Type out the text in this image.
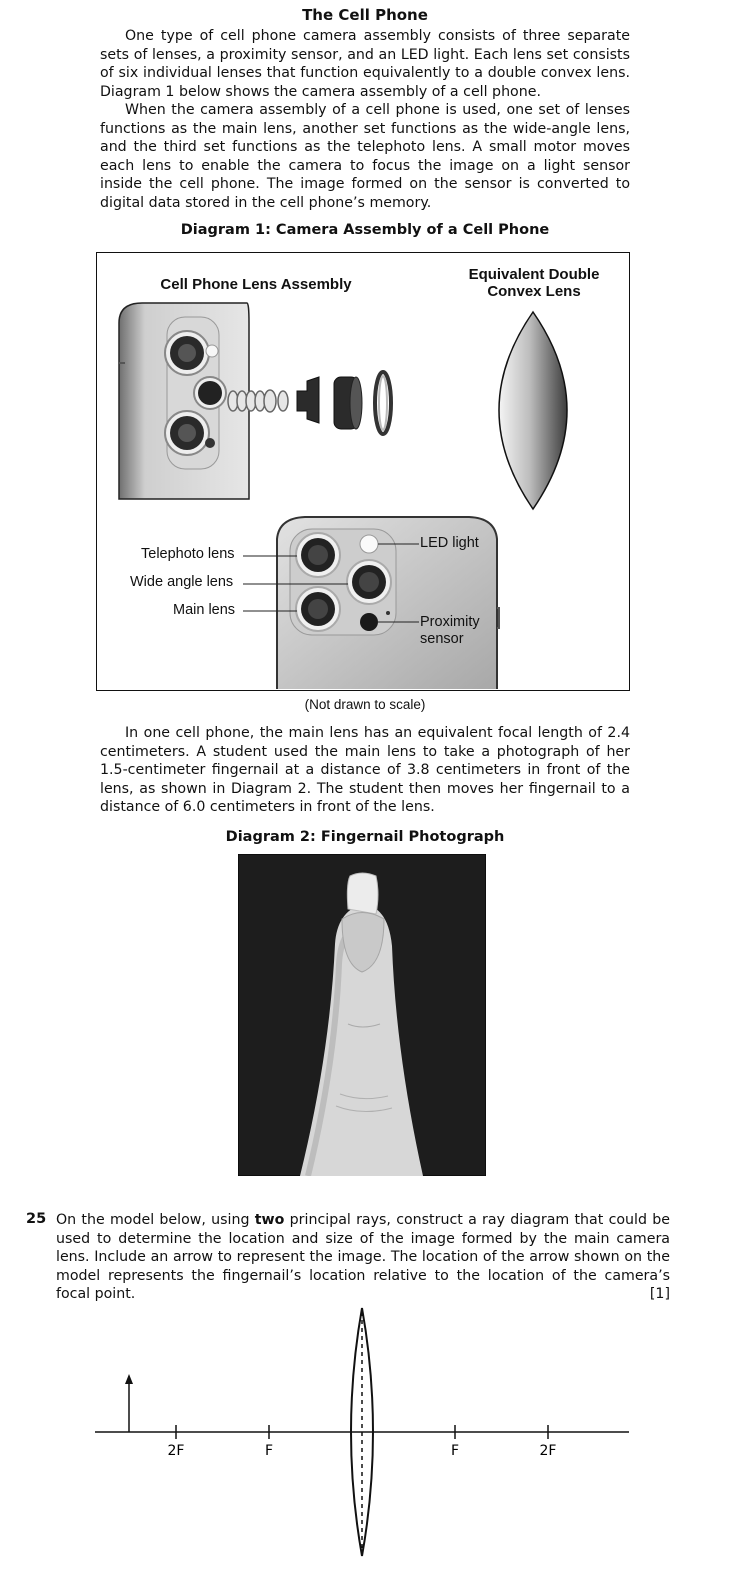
The Cell Phone

One type of cell phone camera assembly consists of three separate sets of lenses, a proximity sensor, and an LED light. Each lens set consists of six individual lenses that function equivalently to a double convex lens. Diagram 1 below shows the camera assembly of a cell phone.

When the camera assembly of a cell phone is used, one set of lenses functions as the main lens, another set functions as the wide-angle lens, and the third set functions as the telephoto lens. A small motor moves each lens to enable the camera to focus the image on a light sensor inside the cell phone. The image formed on the sensor is converted to digital data stored in the cell phone’s memory.

Diagram 1: Camera Assembly of a Cell Phone
Cell Phone Lens Assembly
Equivalent Double Convex Lens
Telephoto lens
Wide angle lens
Main lens
LED light
Proximity sensor
(Not drawn to scale)

In one cell phone, the main lens has an equivalent focal length of 2.4 centimeters. A student used the main lens to take a photograph of her 1.5-centimeter fingernail at a distance of 3.8 centimeters in front of the lens, as shown in Diagram 2. The student then moves her fingernail to a distance of 6.0 centimeters in front of the lens.

Diagram 2: Fingernail Photograph
25 On the model below, using two principal rays, construct a ray diagram that could be used to determine the location and size of the image formed by the main camera lens. Include an arrow to represent the image. The location of the arrow shown on the model represents the fingernail’s location relative to the location of the camera’s focal point.	[1]

2F	F	F	2F
